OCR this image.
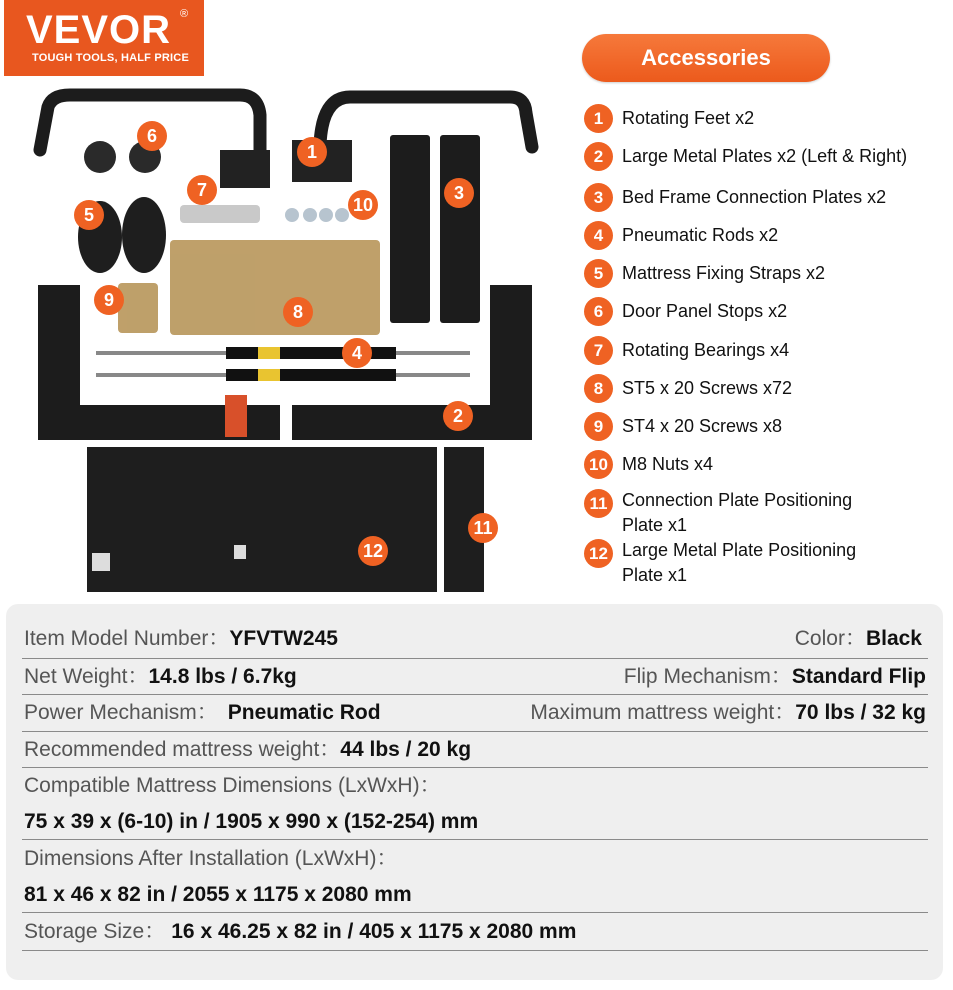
VEVOR ®
TOUGH TOOLS, HALF PRICE	Accessories
1	Rotating Feet x2
2	Large Metal Plates x2 (Left & Right)
3	Bed Frame Connection Plates x2
4	Pneumatic Rods x2
5	Mattress Fixing Straps x2
6	Door Panel Stops x2
7	Rotating Bearings x4
8	ST5 x 20 Screws x72
9	ST4 x 20 Screws x8
10 M8 Nuts x4
11 Connection Plate Positioning Plate x1
12 Large Metal Plate Positioning Plate x1
1
2
3
4
5
6
7
8
9
10
11
12
Item Model Number：YFVTW245	Color：Black
Net Weight：14.8 lbs / 6.7kg	Flip Mechanism：Standard Flip
Power Mechanism： Pneumatic Rod	Maximum mattress weight：70 lbs / 32 kg
Recommended mattress weight：44 lbs / 20 kg
Compatible Mattress Dimensions (LxWxH)：
75 x 39 x (6-10) in / 1905 x 990 x (152-254) mm
Dimensions After Installation (LxWxH)：
81 x 46 x 82 in / 2055 x 1175 x 2080 mm
Storage Size： 16 x 46.25 x 82 in / 405 x 1175 x 2080 mm
